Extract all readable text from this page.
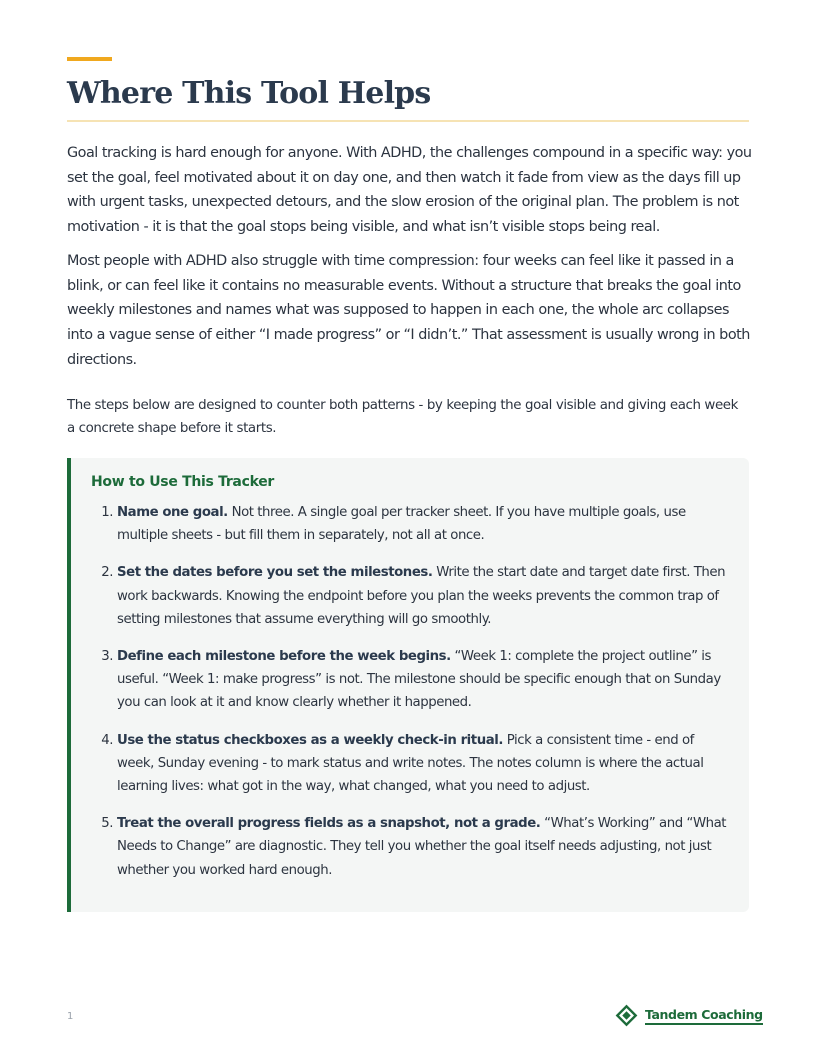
Where This Tool Helps

Goal tracking is hard enough for anyone. With ADHD, the challenges compound in a specific way: you set the goal, feel motivated about it on day one, and then watch it fade from view as the days fill up with urgent tasks, unexpected detours, and the slow erosion of the original plan. The problem is not motivation - it is that the goal stops being visible, and what isn’t visible stops being real.

Most people with ADHD also struggle with time compression: four weeks can feel like it passed in a blink, or can feel like it contains no measurable events. Without a structure that breaks the goal into weekly milestones and names what was supposed to happen in each one, the whole arc collapses into a vague sense of either “I made progress” or “I didn’t.” That assessment is usually wrong in both directions.

The steps below are designed to counter both patterns - by keeping the goal visible and giving each week a concrete shape before it starts.

How to Use This Tracker
1. Name one goal. Not three. A single goal per tracker sheet. If you have multiple goals, use multiple sheets - but fill them in separately, not all at once.
2. Set the dates before you set the milestones. Write the start date and target date first. Then work backwards. Knowing the endpoint before you plan the weeks prevents the common trap of setting milestones that assume everything will go smoothly.
3. Define each milestone before the week begins. “Week 1: complete the project outline” is useful. “Week 1: make progress” is not. The milestone should be specific enough that on Sunday you can look at it and know clearly whether it happened.
4. Use the status checkboxes as a weekly check-in ritual. Pick a consistent time - end of week, Sunday evening - to mark status and write notes. The notes column is where the actual learning lives: what got in the way, what changed, what you need to adjust.
5. Treat the overall progress fields as a snapshot, not a grade. “What’s Working” and “What Needs to Change” are diagnostic. They tell you whether the goal itself needs adjusting, not just whether you worked hard enough.
1	Tandem Coaching
